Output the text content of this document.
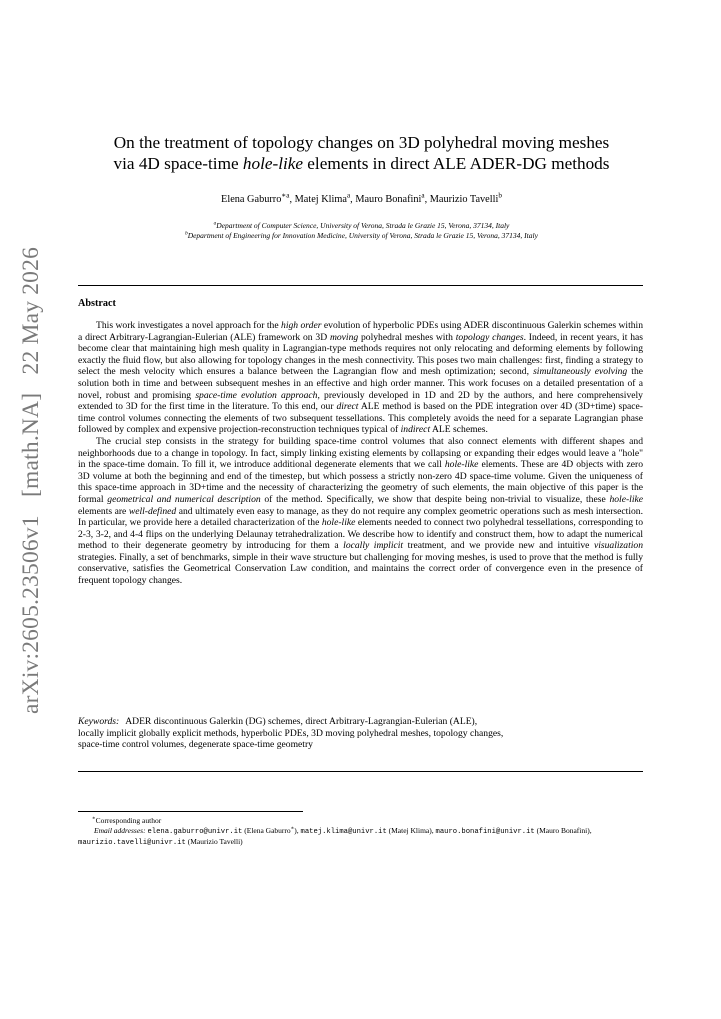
arXiv:2605.23506v1   [math.NA]   22 May 2026
On the treatment of topology changes on 3D polyhedral moving meshes
via 4D space-time hole-like elements in direct ALE ADER-DG methods
Elena Gaburro$^{∗a}$, Matej Klima$^a$, Mauro Bonafini$^a$, Maurizio Tavelli$^b$
$^a$Department of Computer Science, University of Verona, Strada le Grazie 15, Verona, 37134, Italy
$^b$Department of Engineering for Innovation Medicine, University of Verona, Strada le Grazie 15, Verona, 37134, Italy
Abstract

This work investigates a novel approach for the high order evolution of hyperbolic PDEs using ADER discontinuous Galerkin schemes within a direct Arbitrary-Lagrangian-Eulerian (ALE) framework on 3D moving polyhedral meshes with topology changes. Indeed, in recent years, it has become clear that maintaining high mesh quality in Lagrangian-type methods requires not only relocating and deforming elements by following exactly the fluid flow, but also allowing for topology changes in the mesh connectivity. This poses two main challenges: first, finding a strategy to select the mesh velocity which ensures a balance between the Lagrangian flow and mesh optimization; second, simultaneously evolving the solution both in time and between subsequent meshes in an effective and high order manner. This work focuses on a detailed presentation of a novel, robust and promising space-time evolution approach, previously developed in 1D and 2D by the authors, and here comprehensively extended to 3D for the first time in the literature. To this end, our direct ALE method is based on the PDE integration over 4D (3D+time) space-time control volumes connecting the elements of two subsequent tessellations. This completely avoids the need for a separate Lagrangian phase followed by complex and expensive projection-reconstruction techniques typical of indirect ALE schemes.

The crucial step consists in the strategy for building space-time control volumes that also connect elements with different shapes and neighborhoods due to a change in topology. In fact, simply linking existing elements by collapsing or expanding their edges would leave a "hole" in the space-time domain. To fill it, we introduce additional degenerate elements that we call hole-like elements. These are 4D objects with zero 3D volume at both the beginning and end of the timestep, but which possess a strictly non-zero 4D space-time volume. Given the uniqueness of this space-time approach in 3D+time and the necessity of characterizing the geometry of such elements, the main objective of this paper is the formal geometrical and numerical description of the method. Specifically, we show that despite being non-trivial to visualize, these hole-like elements are well-defined and ultimately even easy to manage, as they do not require any complex geometric operations such as mesh intersection. In particular, we provide here a detailed characterization of the hole-like elements needed to connect two polyhedral tessellations, corresponding to 2-3, 3-2, and 4-4 flips on the underlying Delaunay tetrahedralization. We describe how to identify and construct them, how to adapt the numerical method to their degenerate geometry by introducing for them a locally implicit treatment, and we provide new and intuitive visualization strategies. Finally, a set of benchmarks, simple in their wave structure but challenging for moving meshes, is used to prove that the method is fully conservative, satisfies the Geometrical Conservation Law condition, and maintains the correct order of convergence even in the presence of frequent topology changes.

Keywords: ADER discontinuous Galerkin (DG) schemes, direct Arbitrary-Lagrangian-Eulerian (ALE),
locally implicit globally explicit methods, hyperbolic PDEs, 3D moving polyhedral meshes, topology changes,
space-time control volumes, degenerate space-time geometry
∗Corresponding author
Email addresses: elena.gaburro@univr.it (Elena Gaburro∗), matej.klima@univr.it (Matej Klima), mauro.bonafini@univr.it (Mauro Bonafini), maurizio.tavelli@univr.it (Maurizio Tavelli)
